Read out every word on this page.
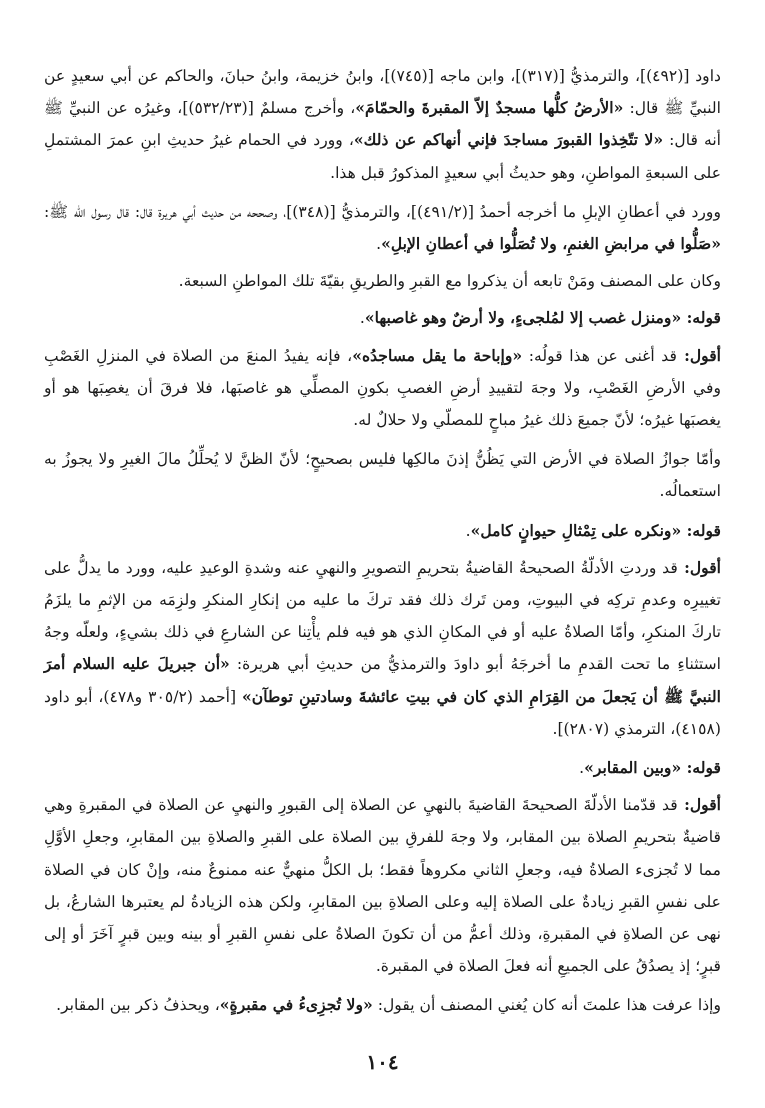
داود [(٤٩٢)]، والترمذيُّ [(٣١٧)]، وابن ماجه [(٧٤٥)]، وابنُ خزيمة، وابنُ حبانَ، والحاكم عن أبي سعيدٍ عن النبيِّ ﷺ قال: «الأرضُ كلُّها مسجدٌ إلاّ المقبرةَ والحمّامَ»، وأخرج مسلمٌ [(٥٣٢/٢٣)]، وغيرُه عن النبيِّ ﷺ أنه قال: «لا تتّخِذوا القبورَ مساجدَ فإني أنهاكم عن ذلك»، وورد في الحمام غيرُ حديثِ ابنِ عمرَ المشتملِ على السبعةِ المواطنِ، وهو حديثُ أبي سعيدٍ المذكورُ قبل هذا.

وورد في أعطانِ الإبلِ ما أخرجه أحمدُ [(٤٩١/٢)]، والترمذيُّ [(٣٤٨)]، وصححه من حديث أبي هريرة قال: قال رسول الله ﷺ: «صَلُّوا في مرابضِ الغنمِ، ولا تُصَلُّوا في أعطانِ الإبلِ».

وكان على المصنف ومَنْ تابعه أن يذكروا مع القبرِ والطريقِ بقيّةَ تلك المواطنِ السبعة.

قوله: «ومنزل غصب إلا لمُلجىءٍ، ولا أرضٌ وهو غاصبها».

أقول: قد أغنى عن هذا قولُه: «وإباحة ما يقل مساجدُه»، فإنه يفيدُ المنعَ من الصلاة في المنزلِ الغَصْبِ وفي الأرضِ الغَصْبِ، ولا وجهَ لتقييدِ أرضِ الغصبِ بكونِ المصلِّي هو غاصبَها، فلا فرقَ أن يغصِبَها هو أو يغصبَها غيرُه؛ لأنّ جميعَ ذلك غيرُ مباحٍ للمصلّي ولا حلالٌ له.

وأمّا جوازُ الصلاة في الأرض التي يَظُنُّ إذنَ مالكِها فليس بصحيحٍ؛ لأنّ الظنَّ لا يُحلِّلُ مالَ الغيرِ ولا يجوزُ به استعمالُه.

قوله: «ونكره على تِمْثالِ حيوانٍ كامل».

أقول: قد وردتِ الأدلّةُ الصحيحةُ القاضيةُ بتحريمِ التصويرِ والنهيِ عنه وشدةِ الوعيدِ عليه، وورد ما يدلُّ على تغييرِه وعدمِ تركِه في البيوتِ، ومن تَرك ذلك فقد تركَ ما عليه من إنكارِ المنكرِ ولزِمَه من الإثمِ ما يلزَمُ تاركَ المنكرِ، وأمّا الصلاةُ عليه أو في المكانِ الذي هو فيه فلم يأْتِنا عن الشارعِ في ذلك بشيءٍ، ولعلّه وجهُ استثناءِ ما تحت القدمِ ما أخرجَهُ أبو داودَ والترمذيُّ من حديثِ أبي هريرة: «أن جبريلَ عليه السلام أمرَ النبيَّ ﷺ أن يَجعلَ من القِرَامِ الذي كان في بيتِ عائشةَ وسادتينِ توطآن» [أحمد (٣٠٥/٢ و٤٧٨)، أبو داود (٤١٥٨)، الترمذي (٢٨٠٧)].

قوله: «وبين المقابر».

أقول: قد قدّمنا الأدلّةَ الصحيحةَ القاضيةَ بالنهيِ عن الصلاة إلى القبورِ والنهيِ عن الصلاة في المقبرةِ وهي قاضيةٌ بتحريمِ الصلاة بين المقابر، ولا وجهَ للفرقِ بين الصلاة على القبرِ والصلاةِ بين المقابرِ، وجعلِ الأوَّلِ مما لا تُجزىء الصلاةُ فيه، وجعلِ الثاني مكروهاً فقط؛ بل الكلُّ منهيٌّ عنه ممنوعٌ منه، وإنْ كان في الصلاة على نفسِ القبرِ زيادةٌ على الصلاة إليه وعلى الصلاةِ بين المقابرِ، ولكن هذه الزيادةُ لم يعتبرها الشارعُ، بل نهى عن الصلاةِ في المقبرةِ، وذلك أعمُّ من أن تكونَ الصلاةُ على نفسِ القبرِ أو بينه وبين قبرٍ آخَرَ أو إلى قبرٍ؛ إذ يصدُقُ على الجميعِ أنه فعلَ الصلاة في المقبرة.

وإذا عرفت هذا علمتَ أنه كان يُغني المصنف أن يقول: «ولا تُجزِىءُ في مقبرةٍ»، ويحذفُ ذكر بين المقابر.

١٠٤
